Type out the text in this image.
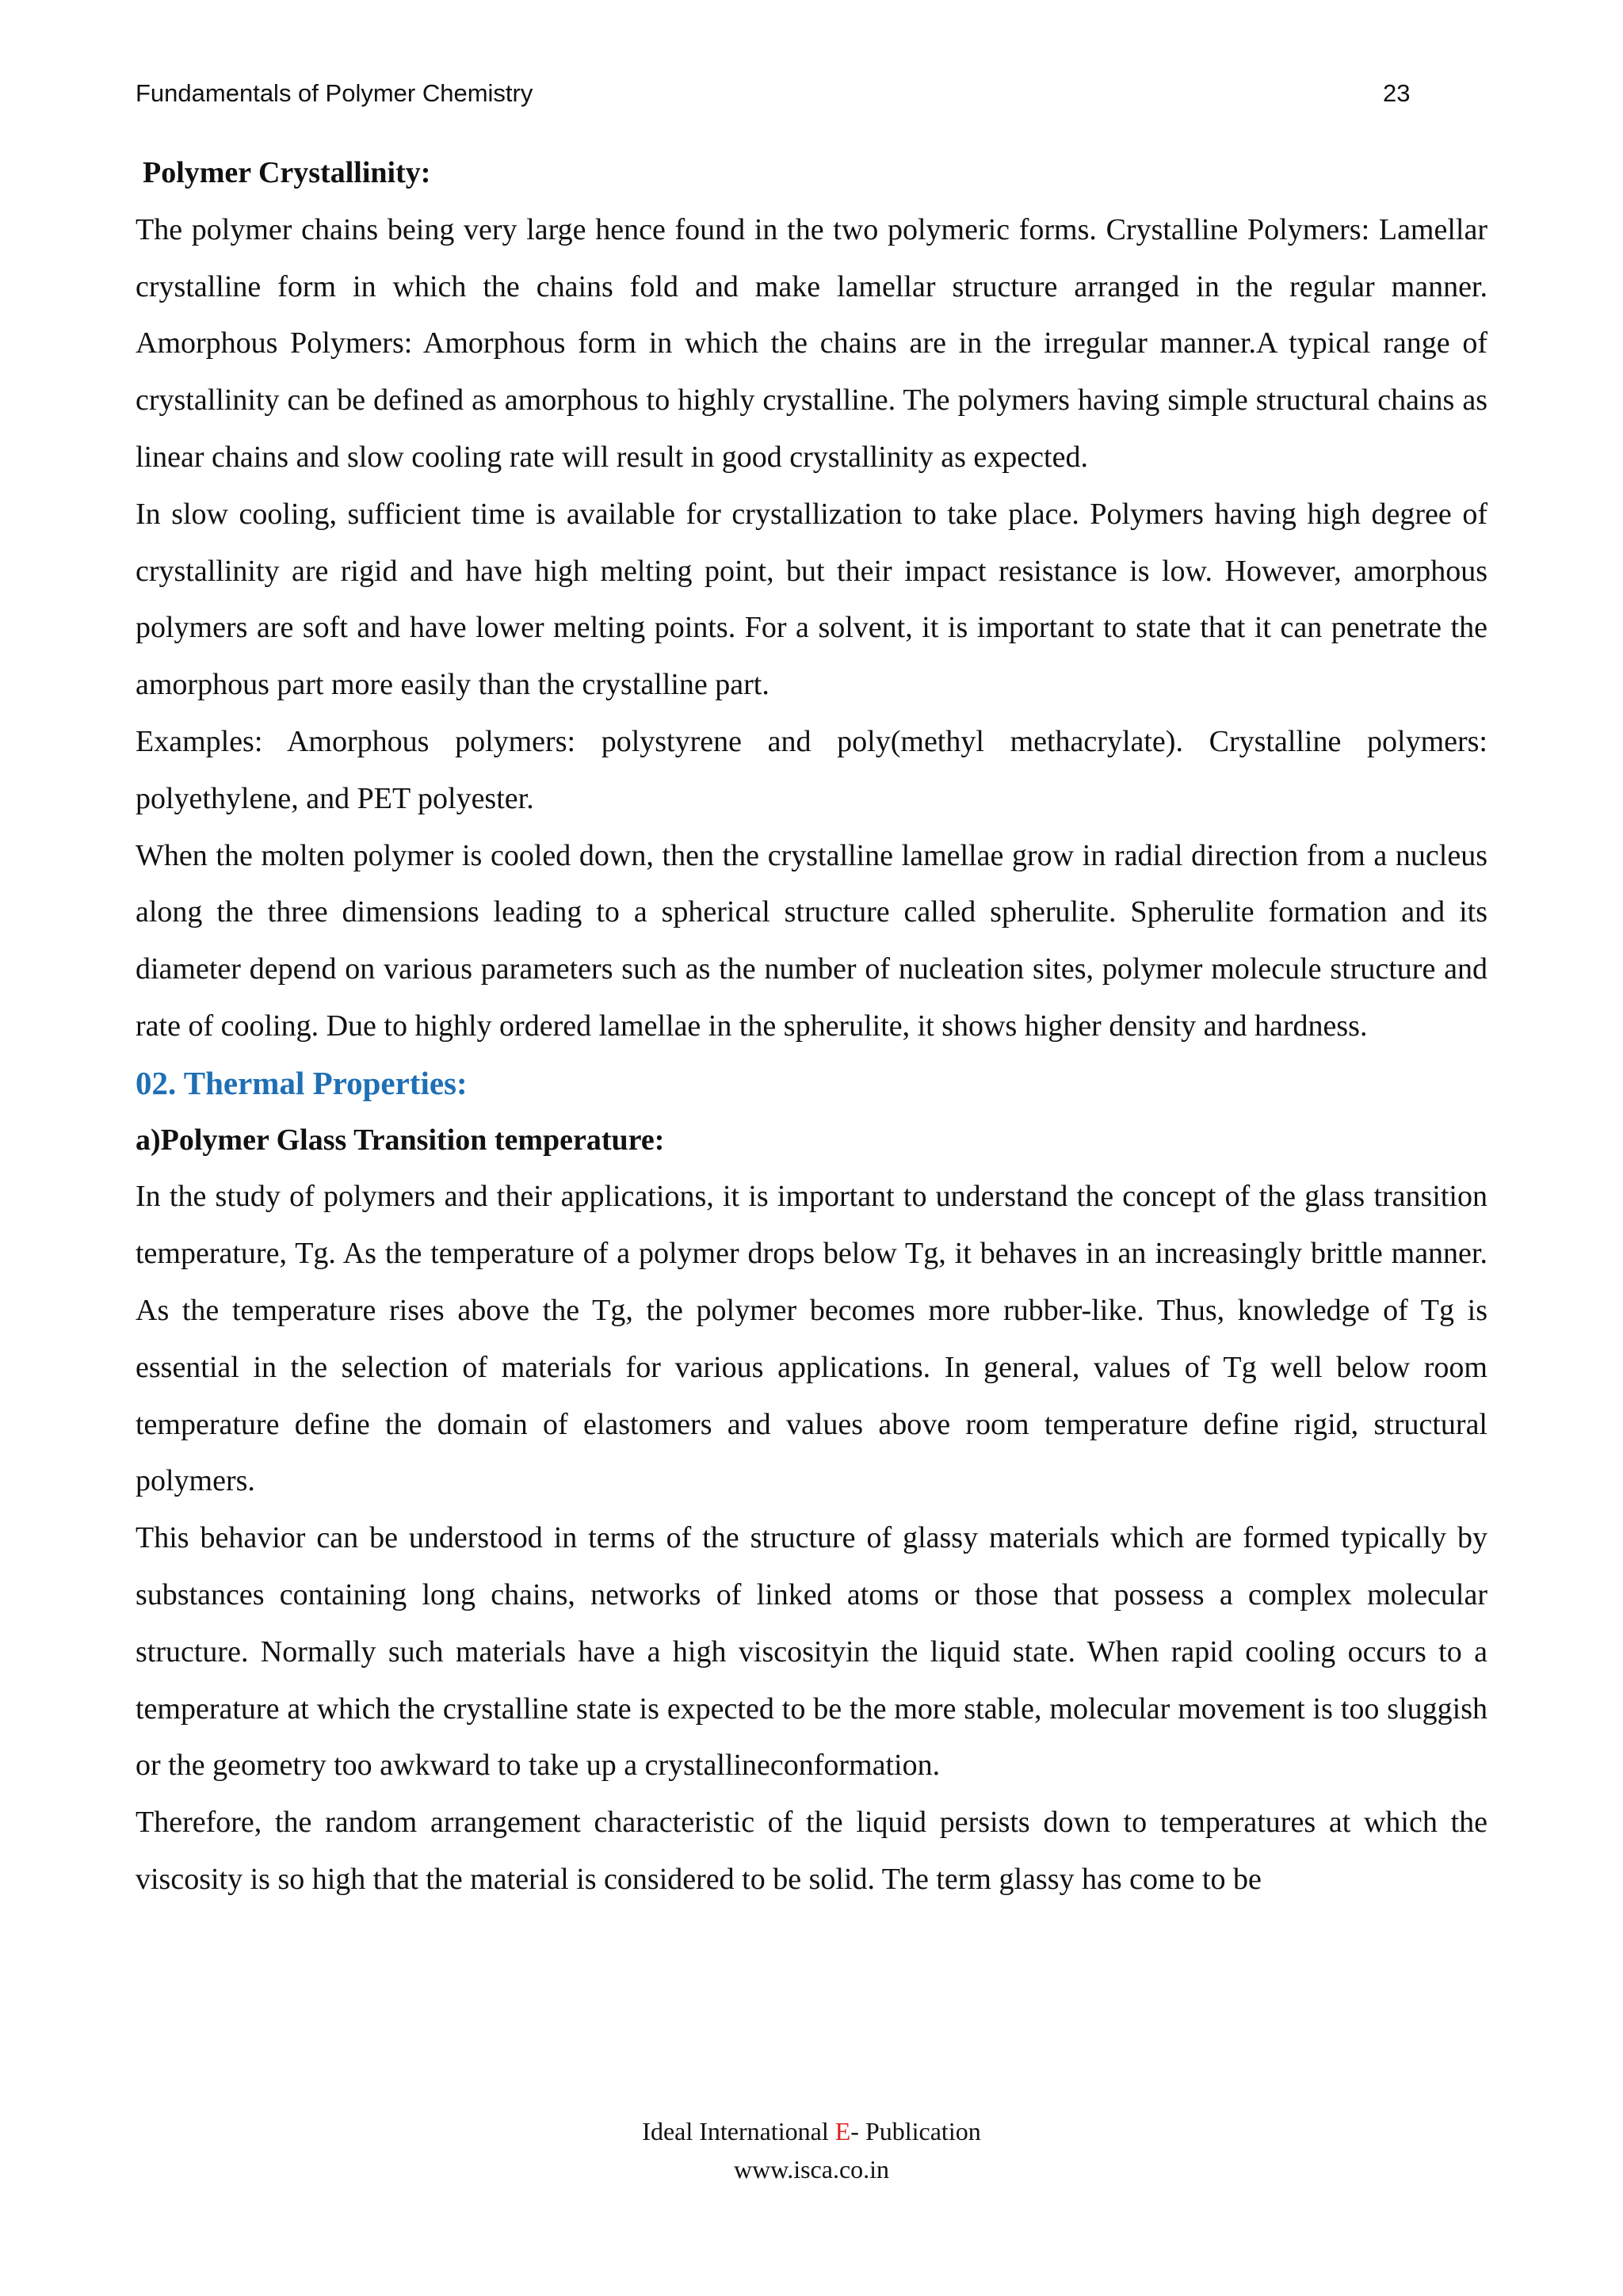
Fundamentals of Polymer Chemistry	23

Polymer Crystallinity:

The polymer chains being very large hence found in the two polymeric forms. Crystalline Polymers: Lamellar crystalline form in which the chains fold and make lamellar structure arranged in the regular manner. Amorphous Polymers: Amorphous form in which the chains are in the irregular manner.A typical range of crystallinity can be defined as amorphous to highly crystalline. The polymers having simple structural chains as linear chains and slow cooling rate will result in good crystallinity as expected.

In slow cooling, sufficient time is available for crystallization to take place. Polymers having high degree of crystallinity are rigid and have high melting point, but their impact resistance is low. However, amorphous polymers are soft and have lower melting points. For a solvent, it is important to state that it can penetrate the amorphous part more easily than the crystalline part.

Examples: Amorphous polymers: polystyrene and poly(methyl methacrylate). Crystalline polymers: polyethylene, and PET polyester.

When the molten polymer is cooled down, then the crystalline lamellae grow in radial direction from a nucleus along the three dimensions leading to a spherical structure called spherulite. Spherulite formation and its diameter depend on various parameters such as the number of nucleation sites, polymer molecule structure and rate of cooling. Due to highly ordered lamellae in the spherulite, it shows higher density and hardness.

02. Thermal Properties:

a)Polymer Glass Transition temperature:

In the study of polymers and their applications, it is important to understand the concept of the glass transition temperature, Tg. As the temperature of a polymer drops below Tg, it behaves in an increasingly brittle manner. As the temperature rises above the Tg, the polymer becomes more rubber-like. Thus, knowledge of Tg is essential in the selection of materials for various applications. In general, values of Tg well below room temperature define the domain of elastomers and values above room temperature define rigid, structural polymers.

This behavior can be understood in terms of the structure of glassy materials which are formed typically by substances containing long chains, networks of linked atoms or those that possess a complex molecular structure. Normally such materials have a high viscosityin the liquid state. When rapid cooling occurs to a temperature at which the crystalline state is expected to be the more stable, molecular movement is too sluggish or the geometry too awkward to take up a crystallineconformation.

Therefore, the random arrangement characteristic of the liquid persists down to temperatures at which the viscosity is so high that the material is considered to be solid. The term glassy has come to be

Ideal International E- Publication
www.isca.co.in
